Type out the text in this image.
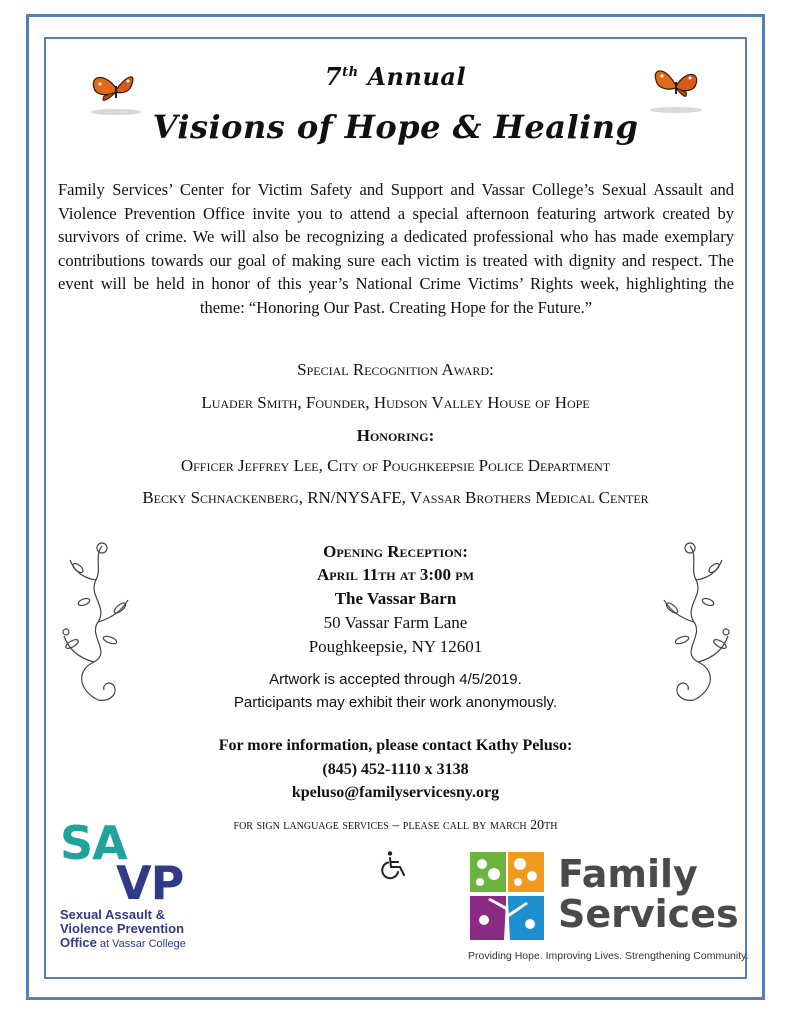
7th Annual
Visions of Hope & Healing
Family Services’ Center for Victim Safety and Support and Vassar College’s Sexual Assault and Violence Prevention Office invite you to attend a special afternoon featuring artwork created by survivors of crime. We will also be recognizing a dedicated professional who has made exemplary contributions towards our goal of making sure each victim is treated with dignity and respect. The event will be held in honor of this year’s National Crime Victims’ Rights week, highlighting the theme: “Honoring Our Past. Creating Hope for the Future.”
Special Recognition Award:
Luader Smith, Founder, Hudson Valley House of Hope
Honoring:
Officer Jeffrey Lee, City of Poughkeepsie Police Department
Becky Schnackenberg, RN/NYSAFE, Vassar Brothers Medical Center
Opening Reception:
April 11th at 3:00 pm
The Vassar Barn
50 Vassar Farm Lane
Poughkeepsie, NY 12601
Artwork is accepted through 4/5/2019.
Participants may exhibit their work anonymously.
For more information, please contact Kathy Peluso:
(845) 452-1110 x 3138
kpeluso@familyservicesny.org
for sign language services – please call by march 20th
SA
VP
Sexual Assault &
Violence Prevention
Office at Vassar College
Family
Services
Providing Hope. Improving Lives. Strengthening Community.
